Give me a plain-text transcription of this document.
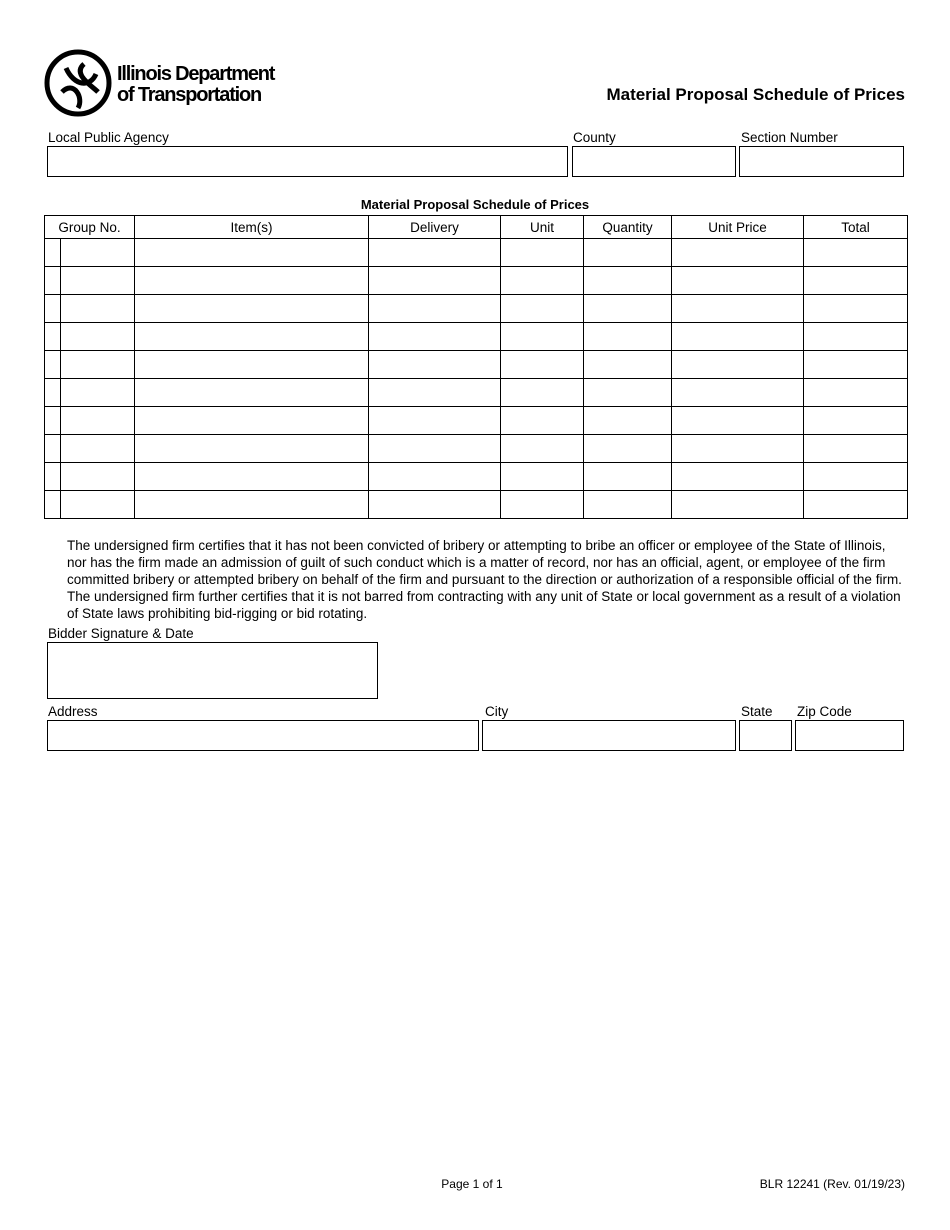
Illinois Department
of Transportation	Material Proposal Schedule of Prices
Local Public Agency	County	Section Number
Material Proposal Schedule of Prices
Group No.		Item(s)	Delivery	Unit	Quantity	Unit Price	Total

The undersigned firm certifies that it has not been convicted of bribery or attempting to bribe an officer or employee of the State of Illinois, nor has the firm made an admission of guilt of such conduct which is a matter of record, nor has an official, agent, or employee of the firm committed bribery or attempted bribery on behalf of the firm and pursuant to the direction or authorization of a responsible official of the firm. The undersigned firm further certifies that it is not barred from contracting with any unit of State or local government as a result of a violation of State laws prohibiting bid-rigging or bid rotating.
Bidder Signature & Date
Address	City	State Zip Code
Page 1 of 1	BLR 12241 (Rev. 01/19/23)
